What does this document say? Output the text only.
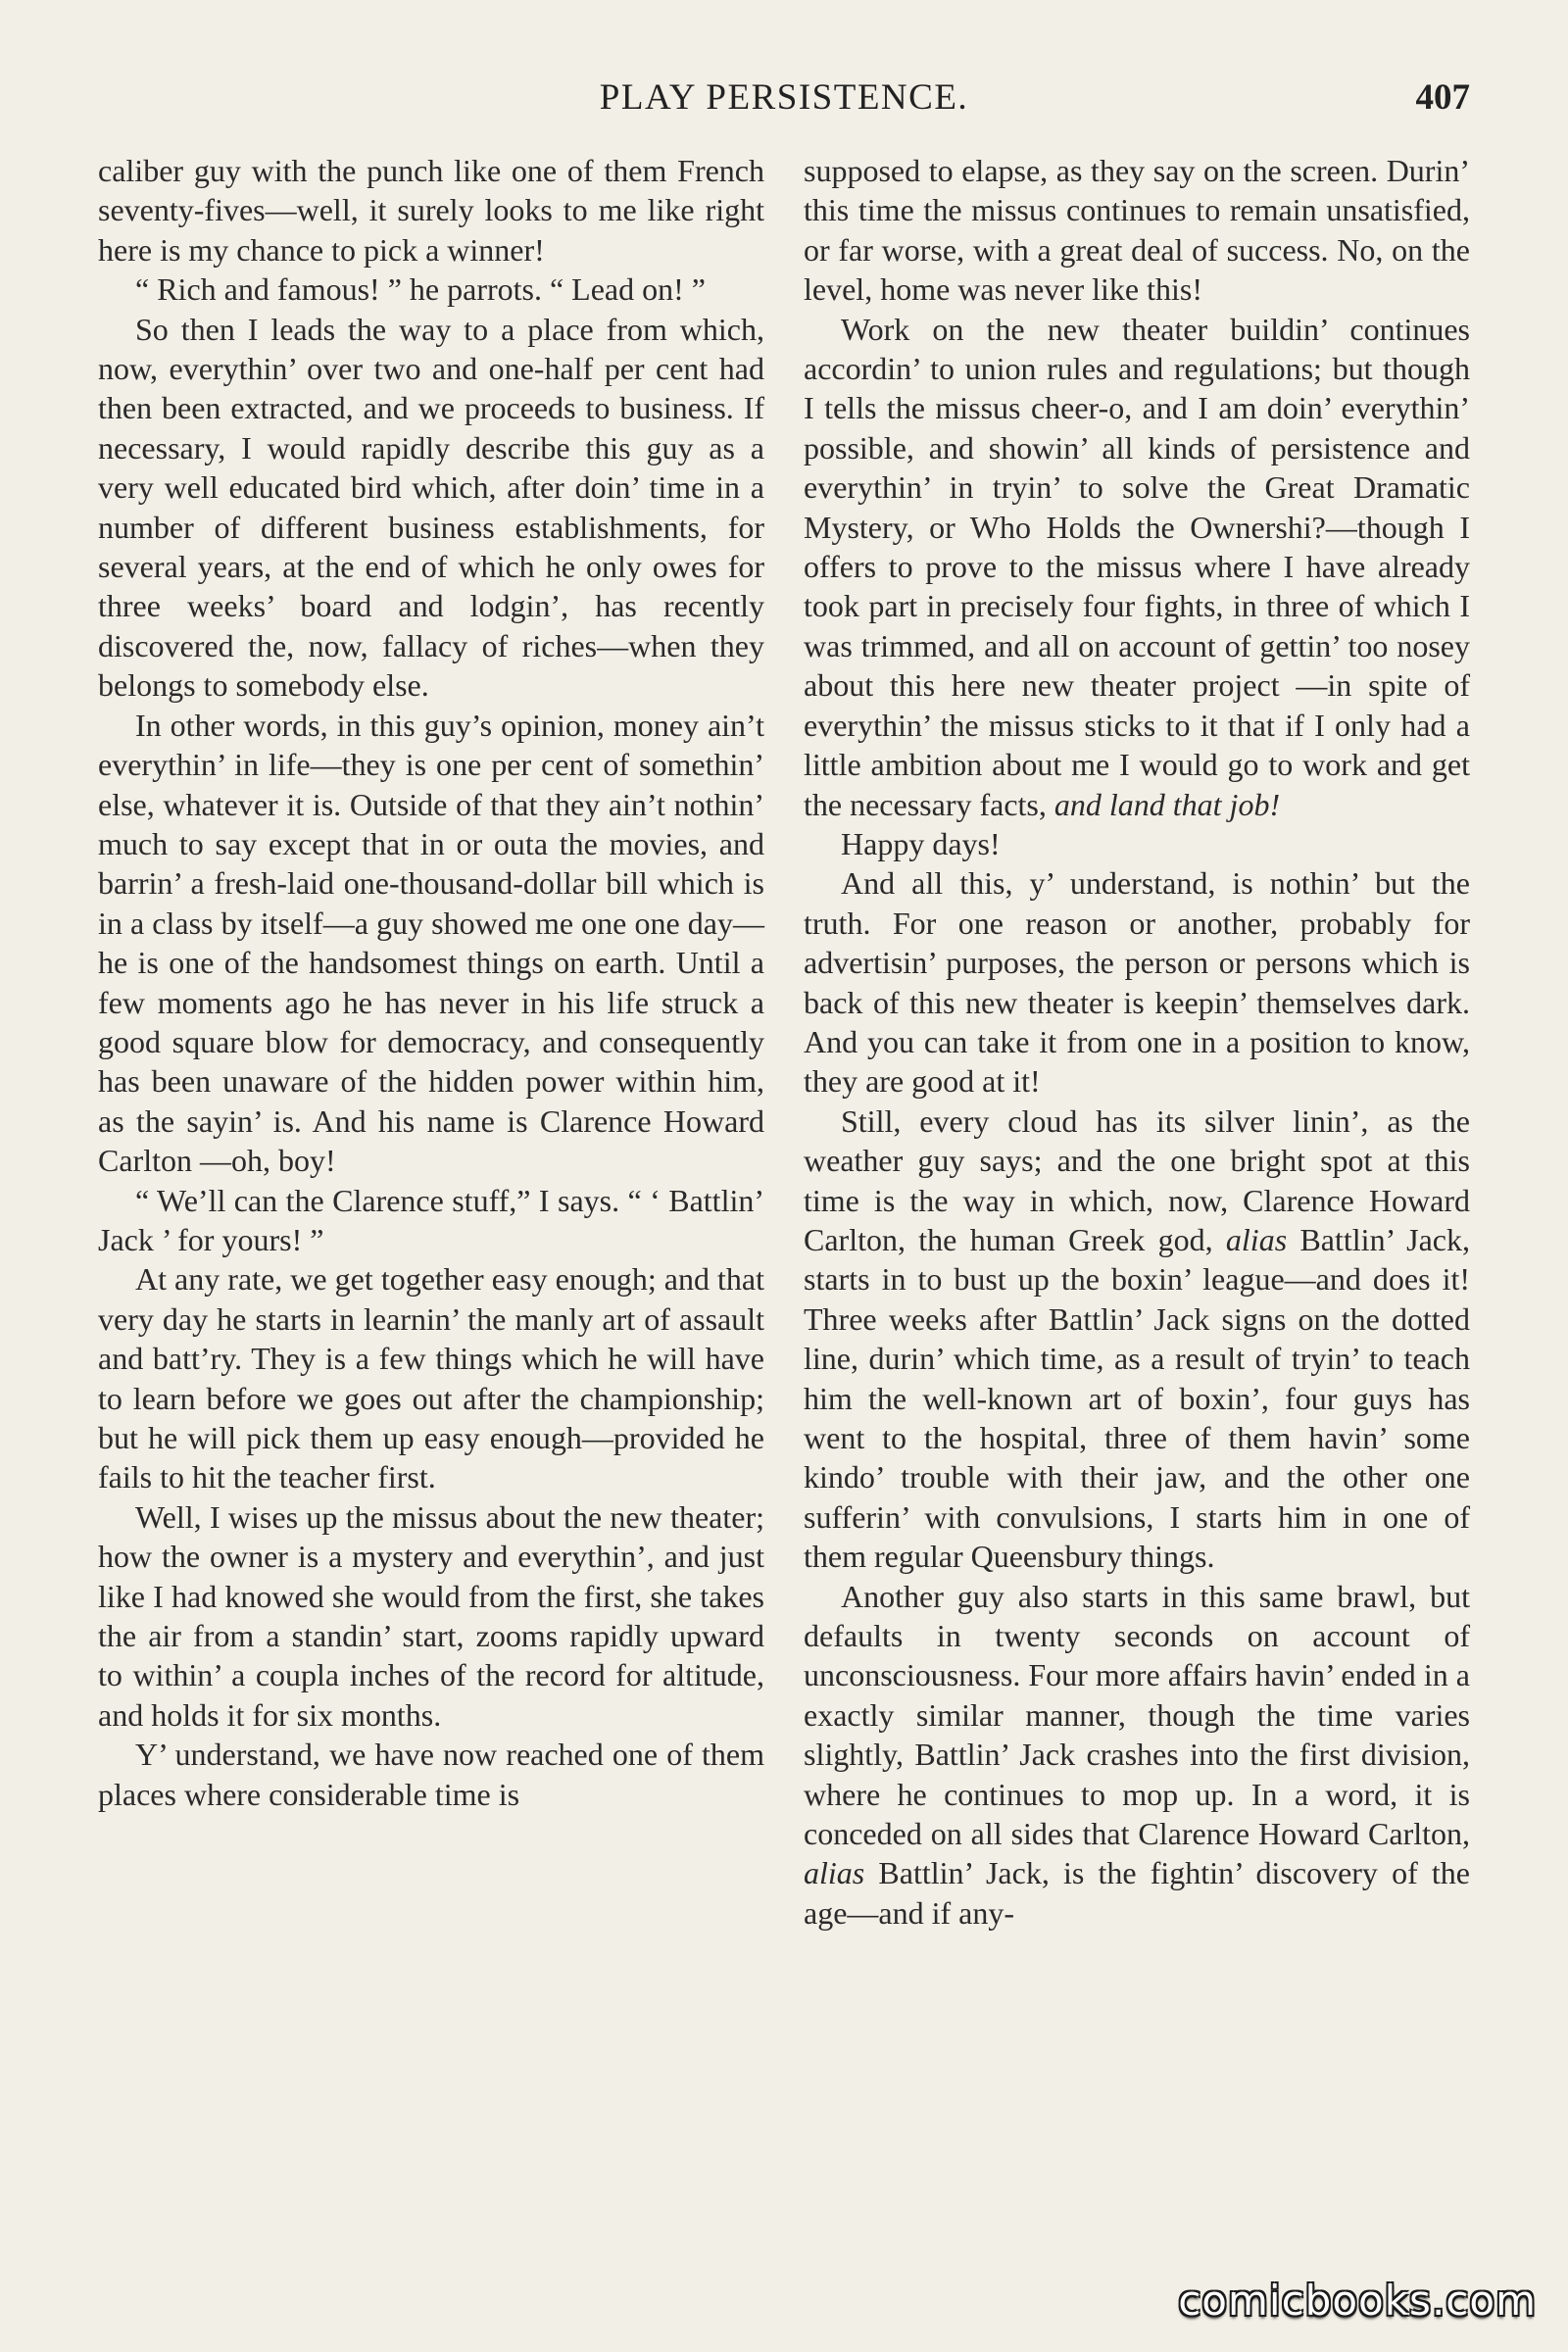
PLAY PERSISTENCE.	407

caliber guy with the punch like one of them French seventy-fives—well, it surely looks to me like right here is my chance to pick a winner!

“ Rich and famous! ” he parrots. “ Lead on! ”

So then I leads the way to a place from which, now, everythin’ over two and one-half per cent had then been extracted, and we proceeds to business. If necessary, I would rapidly describe this guy as a very well educated bird which, after doin’ time in a number of different business establishments, for several years, at the end of which he only owes for three weeks’ board and lodgin’, has recently discovered the, now, fallacy of riches—when they belongs to somebody else.

In other words, in this guy’s opinion, money ain’t everythin’ in life—they is one per cent of somethin’ else, whatever it is. Outside of that they ain’t nothin’ much to say except that in or outa the movies, and barrin’ a fresh-laid one-thousand-dollar bill which is in a class by itself—a guy showed me one one day—he is one of the handsomest things on earth. Until a few moments ago he has never in his life struck a good square blow for democracy, and consequently has been unaware of the hidden power within him, as the sayin’ is. And his name is Clarence Howard Carlton —oh, boy!

“ We’ll can the Clarence stuff,” I says. “ ‘ Battlin’ Jack ’ for yours! ”

At any rate, we get together easy enough; and that very day he starts in learnin’ the manly art of assault and batt’ry. They is a few things which he will have to learn before we goes out after the championship; but he will pick them up easy enough—provided he fails to hit the teacher first.

Well, I wises up the missus about the new theater; how the owner is a mystery and everythin’, and just like I had knowed she would from the first, she takes the air from a standin’ start, zooms rapidly upward to within’ a coupla inches of the record for altitude, and holds it for six months.

Y’ understand, we have now reached one of them places where considerable time is

supposed to elapse, as they say on the screen. Durin’ this time the missus continues to remain unsatisfied, or far worse, with a great deal of success. No, on the level, home was never like this!

Work on the new theater buildin’ continues accordin’ to union rules and regulations; but though I tells the missus cheer-o, and I am doin’ everythin’ possible, and showin’ all kinds of persistence and everythin’ in tryin’ to solve the Great Dramatic Mystery, or Who Holds the Ownershi?—though I offers to prove to the missus where I have already took part in precisely four fights, in three of which I was trimmed, and all on account of gettin’ too nosey about this here new theater project —in spite of everythin’ the missus sticks to it that if I only had a little ambition about me I would go to work and get the necessary facts, and land that job!

Happy days!

And all this, y’ understand, is nothin’ but the truth. For one reason or another, probably for advertisin’ purposes, the person or persons which is back of this new theater is keepin’ themselves dark. And you can take it from one in a position to know, they are good at it!

Still, every cloud has its silver linin’, as the weather guy says; and the one bright spot at this time is the way in which, now, Clarence Howard Carlton, the human Greek god, alias Battlin’ Jack, starts in to bust up the boxin’ league—and does it! Three weeks after Battlin’ Jack signs on the dotted line, durin’ which time, as a result of tryin’ to teach him the well-known art of boxin’, four guys has went to the hospital, three of them havin’ some kindo’ trouble with their jaw, and the other one sufferin’ with convulsions, I starts him in one of them regular Queensbury things.

Another guy also starts in this same brawl, but defaults in twenty seconds on account of unconsciousness. Four more affairs havin’ ended in a exactly similar manner, though the time varies slightly, Battlin’ Jack crashes into the first division, where he continues to mop up. In a word, it is conceded on all sides that Clarence Howard Carlton, alias Battlin’ Jack, is the fightin’ discovery of the age—and if any-

comicbooks.com
